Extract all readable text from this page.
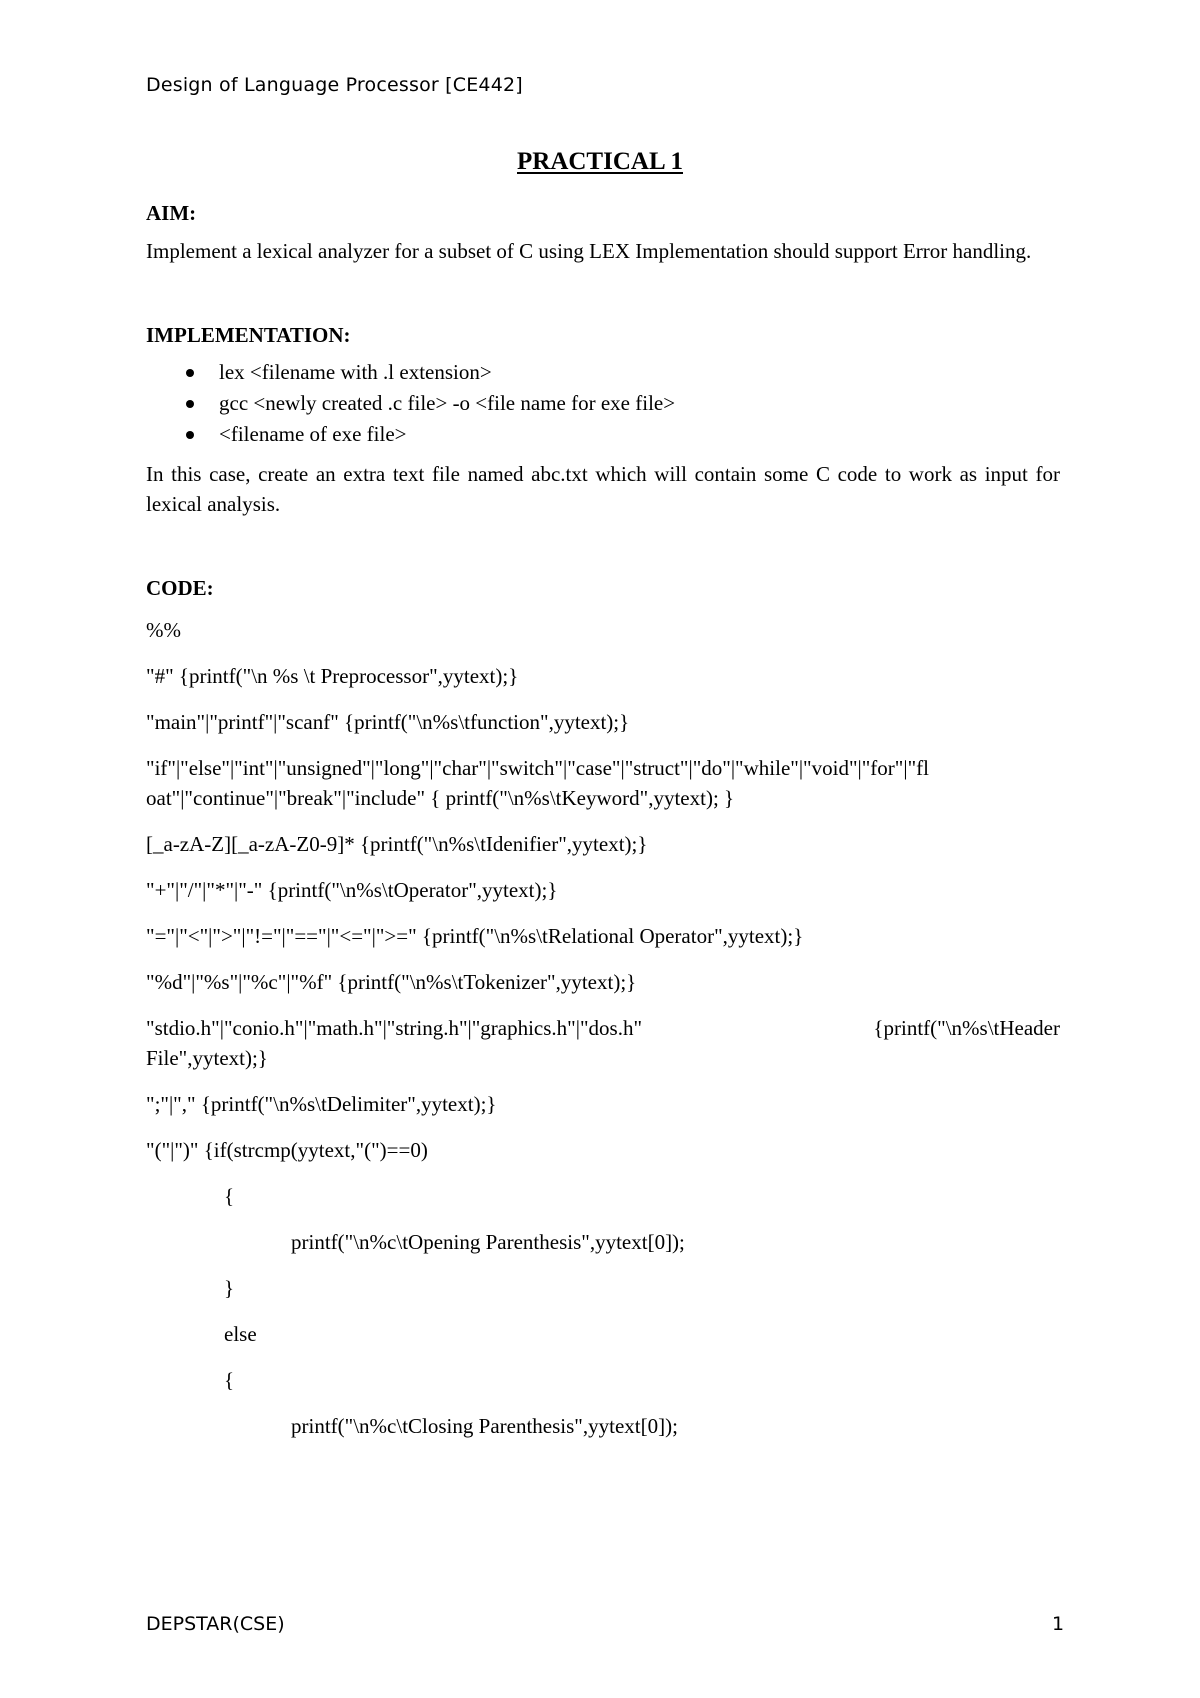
Design of Language Processor [CE442]
PRACTICAL 1

AIM:

Implement a lexical analyzer for a subset of C using LEX Implementation should support Error handling.

IMPLEMENTATION:

lex <filename with .l extension>
gcc <newly created .c file> -o <file name for exe file>
<filename of exe file>

In this case, create an extra text file named abc.txt which will contain some C code to work as input for lexical analysis.

CODE:

%%

"#" {printf("\n %s \t Preprocessor",yytext);}

"main"|"printf"|"scanf" {printf("\n%s\tfunction",yytext);}

"if"|"else"|"int"|"unsigned"|"long"|"char"|"switch"|"case"|"struct"|"do"|"while"|"void"|"for"|"fl

oat"|"continue"|"break"|"include" { printf("\n%s\tKeyword",yytext); }

[_a-zA-Z][_a-zA-Z0-9]* {printf("\n%s\tIdenifier",yytext);}

"+"|"/"|"*"|"-" {printf("\n%s\tOperator",yytext);}

"="|"<"|">"|"!="|"=="|"<="|">=" {printf("\n%s\tRelational Operator",yytext);}

"%d"|"%s"|"%c"|"%f" {printf("\n%s\tTokenizer",yytext);}

"stdio.h"|"conio.h"|"math.h"|"string.h"|"graphics.h"|"dos.h"	{printf("\n%s\tHeader

File",yytext);}

";"|"," {printf("\n%s\tDelimiter",yytext);}

"("|")" {if(strcmp(yytext,"(")==0)

{

printf("\n%c\tOpening Parenthesis",yytext[0]);

}

else

{

printf("\n%c\tClosing Parenthesis",yytext[0]);

DEPSTAR(CSE)	1
